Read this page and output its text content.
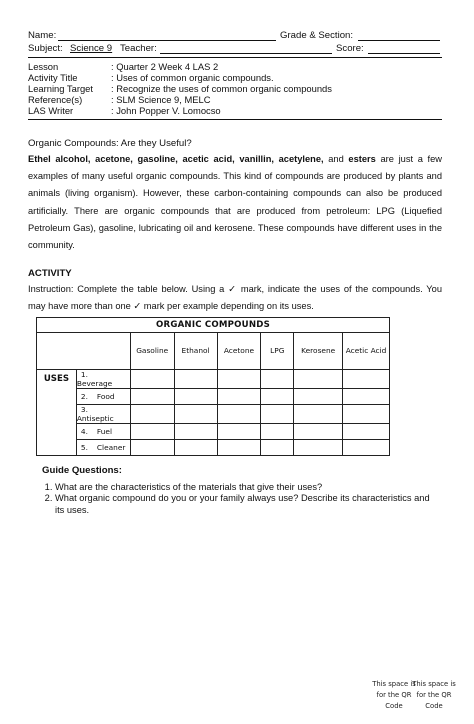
Name:	Grade & Section:
Subject: Science 9 Teacher:	Score:
Lesson	: Quarter 2 Week 4 LAS 2
Activity Title	: Uses of common organic compounds.
Learning Target : Recognize the uses of common organic compounds
Reference(s)	: SLM Science 9, MELC
LAS Writer	: John Popper V. Lomocso
Organic Compounds: Are they Useful?
Ethel alcohol, acetone, gasoline, acetic acid, vanillin, acetylene, and esters are just a few examples of many useful organic compounds. This kind of compounds are produced by plants and animals (living organism). However, these carbon-containing compounds can also be produced artificially. There are organic compounds that are produced from petroleum: LPG (Liquefied Petroleum Gas), gasoline, lubricating oil and kerosene. These compounds have different uses in the community.
ACTIVITY
Instruction: Complete the table below. Using a ✓ mark, indicate the uses of the compounds. You may have more than one ✓ mark per example depending on its uses.
ORGANIC COMPOUNDS							
		Gasoline	Ethanol	Acetone	LPG	Kerosene	Acetic Acid
USES	1.Beverage						
	2. Food						
	3.Antiseptic						
	4. Fuel						
	5. Cleaner						
Guide Questions:
1. What are the characteristics of the materials that give their uses?
2. What organic compound do you or your family always use? Describe its characteristics and its uses.
This space is for the QR Code
This space is for the QR Code
